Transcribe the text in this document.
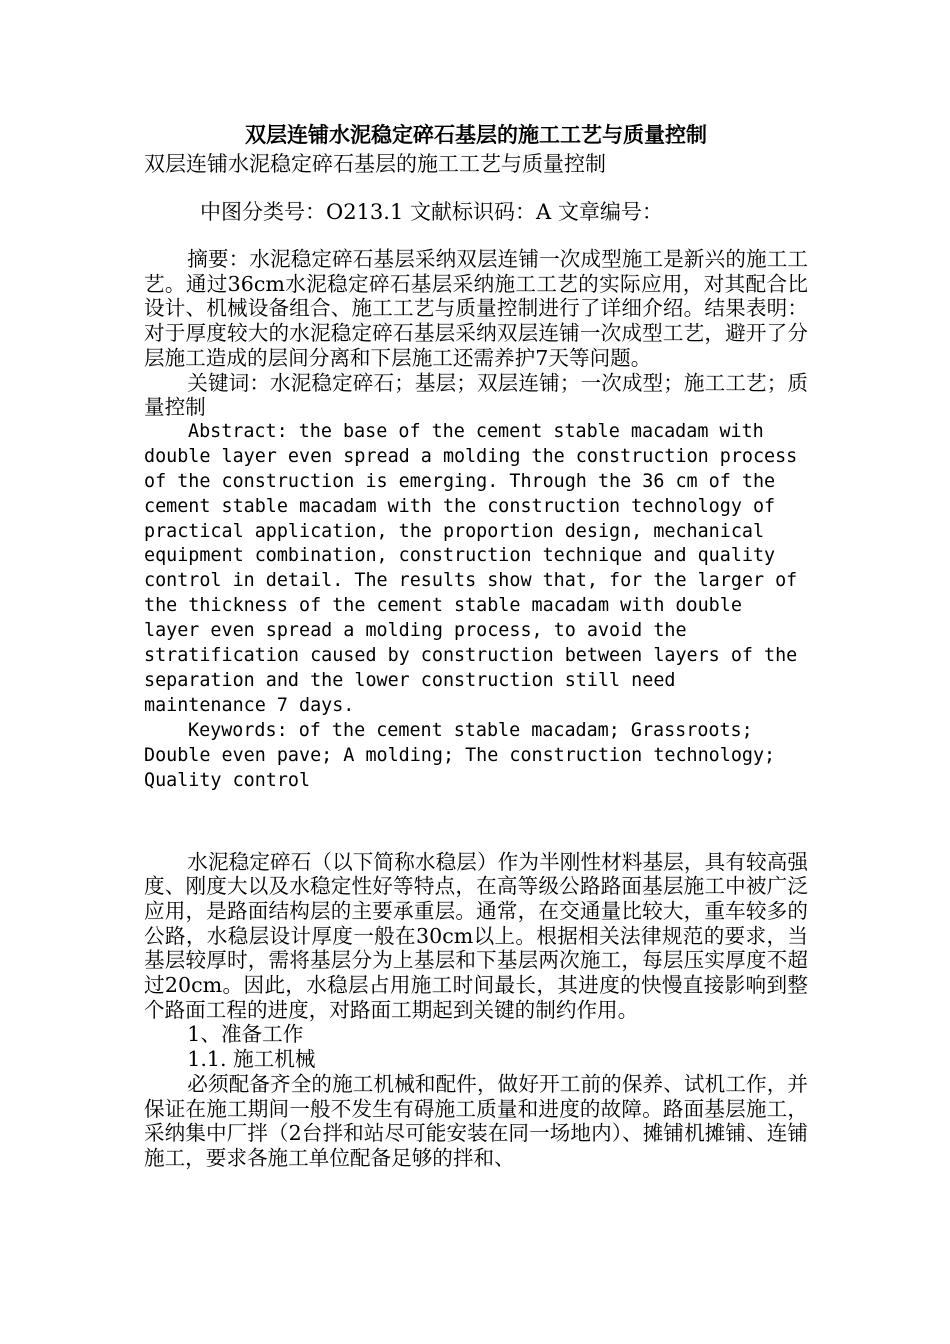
双层连铺水泥稳定碎石基层的施工工艺与质量控制

双层连铺水泥稳定碎石基层的施工工艺与质量控制

中图分类号：O213.1 文献标识码：A 文章编号：

摘要：水泥稳定碎石基层采纳双层连铺一次成型施工是新兴的施工工艺。通过36cm水泥稳定碎石基层采纳施工工艺的实际应用，对其配合比设计、机械设备组合、施工工艺与质量控制进行了详细介绍。结果表明：对于厚度较大的水泥稳定碎石基层采纳双层连铺一次成型工艺，避开了分层施工造成的层间分离和下层施工还需养护7天等问题。

关键词：水泥稳定碎石；基层；双层连铺；一次成型；施工工艺；质量控制

Abstract: the base of the cement stable macadam with
double layer even spread a molding the construction process
of the construction is emerging. Through the 36 cm of the
cement stable macadam with the construction technology of
practical application, the proportion design, mechanical
equipment combination, construction technique and quality
control in detail. The results show that, for the larger of
the thickness of the cement stable macadam with double
layer even spread a molding process, to avoid the
stratification caused by construction between layers of the
separation and the lower construction still need
maintenance 7 days.

Keywords: of the cement stable macadam; Grassroots;
Double even pave; A molding; The construction technology;
Quality control

水泥稳定碎石（以下简称水稳层）作为半刚性材料基层，具有较高强度、刚度大以及水稳定性好等特点，在高等级公路路面基层施工中被广泛应用，是路面结构层的主要承重层。通常，在交通量比较大，重车较多的公路，水稳层设计厚度一般在30cm以上。根据相关法律规范的要求，当基层较厚时，需将基层分为上基层和下基层两次施工，每层压实厚度不超过20cm。因此，水稳层占用施工时间最长，其进度的快慢直接影响到整个路面工程的进度，对路面工期起到关键的制约作用。

1、准备工作

1.1. 施工机械

必须配备齐全的施工机械和配件，做好开工前的保养、试机工作，并保证在施工期间一般不发生有碍施工质量和进度的故障。路面基层施工，采纳集中厂拌（2台拌和站尽可能安装在同一场地内）、摊铺机摊铺、连铺施工，要求各施工单位配备足够的拌和、
